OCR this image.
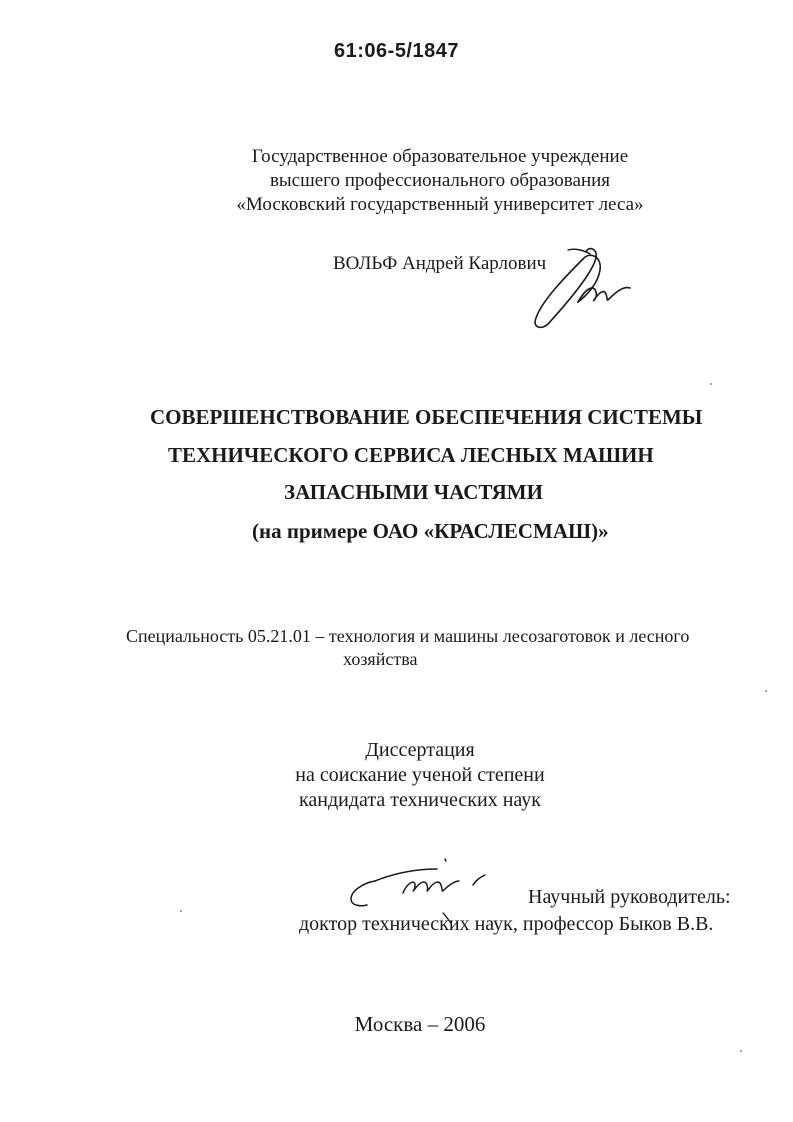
61:06-5/1847
Государственное образовательное учреждение
высшего профессионального образования
«Московский государственный университет леса»
ВОЛЬФ Андрей Карлович
СОВЕРШЕНСТВОВАНИЕ ОБЕСПЕЧЕНИЯ СИСТЕМЫ
ТЕХНИЧЕСКОГО СЕРВИСА ЛЕСНЫХ МАШИН
ЗАПАСНЫМИ ЧАСТЯМИ
(на примере ОАО «КРАСЛЕСМАШ)»
Специальность 05.21.01 – технология и машины лесозаготовок и лесного
хозяйства
Диссертация
на соискание ученой степени
кандидата технических наук
Научный руководитель:
доктор технических наук, профессор Быков В.В.
Москва – 2006
